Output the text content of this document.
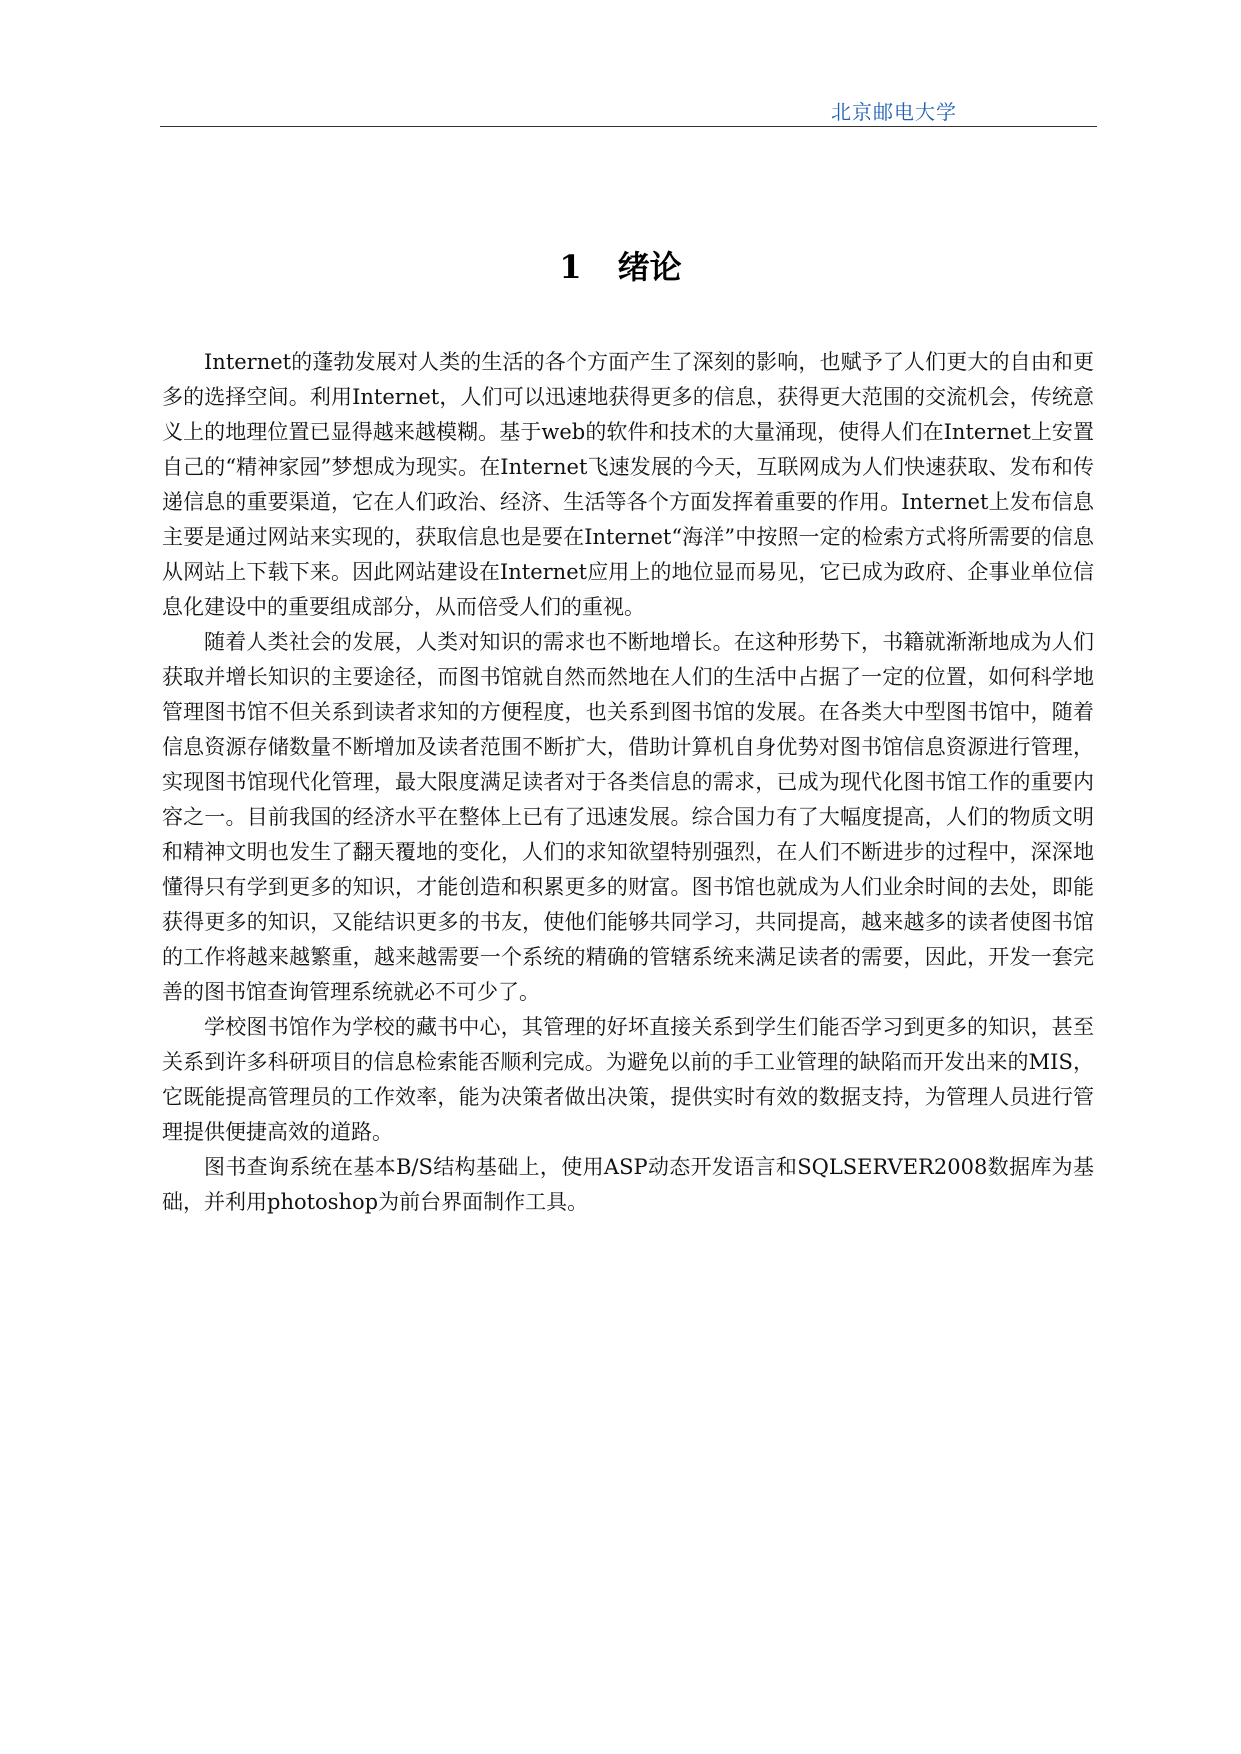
北京邮电大学
1 绪论

Internet的蓬勃发展对人类的生活的各个方面产生了深刻的影响，也赋予了人们更大的自由和更多的选择空间。利用Internet，人们可以迅速地获得更多的信息，获得更大范围的交流机会，传统意义上的地理位置已显得越来越模糊。基于web的软件和技术的大量涌现，使得人们在Internet上安置自己的“精神家园”梦想成为现实。在Internet飞速发展的今天，互联网成为人们快速获取、发布和传递信息的重要渠道，它在人们政治、经济、生活等各个方面发挥着重要的作用。Internet上发布信息主要是通过网站来实现的，获取信息也是要在Internet“海洋”中按照一定的检索方式将所需要的信息从网站上下载下来。因此网站建设在Internet应用上的地位显而易见，它已成为政府、企事业单位信息化建设中的重要组成部分，从而倍受人们的重视。

随着人类社会的发展，人类对知识的需求也不断地增长。在这种形势下，书籍就渐渐地成为人们获取并增长知识的主要途径，而图书馆就自然而然地在人们的生活中占据了一定的位置，如何科学地管理图书馆不但关系到读者求知的方便程度，也关系到图书馆的发展。在各类大中型图书馆中，随着信息资源存储数量不断增加及读者范围不断扩大，借助计算机自身优势对图书馆信息资源进行管理，实现图书馆现代化管理，最大限度满足读者对于各类信息的需求，已成为现代化图书馆工作的重要内容之一。目前我国的经济水平在整体上已有了迅速发展。综合国力有了大幅度提高，人们的物质文明和精神文明也发生了翻天覆地的变化，人们的求知欲望特别强烈，在人们不断进步的过程中，深深地懂得只有学到更多的知识，才能创造和积累更多的财富。图书馆也就成为人们业余时间的去处，即能获得更多的知识，又能结识更多的书友，使他们能够共同学习，共同提高，越来越多的读者使图书馆的工作将越来越繁重，越来越需要一个系统的精确的管辖系统来满足读者的需要，因此，开发一套完善的图书馆查询管理系统就必不可少了。

学校图书馆作为学校的藏书中心，其管理的好坏直接关系到学生们能否学习到更多的知识，甚至关系到许多科研项目的信息检索能否顺利完成。为避免以前的手工业管理的缺陷而开发出来的MIS，它既能提高管理员的工作效率，能为决策者做出决策，提供实时有效的数据支持，为管理人员进行管理提供便捷高效的道路。

图书查询系统在基本B/S结构基础上，使用ASP动态开发语言和SQLSERVER2008数据库为基础，并利用photoshop为前台界面制作工具。
